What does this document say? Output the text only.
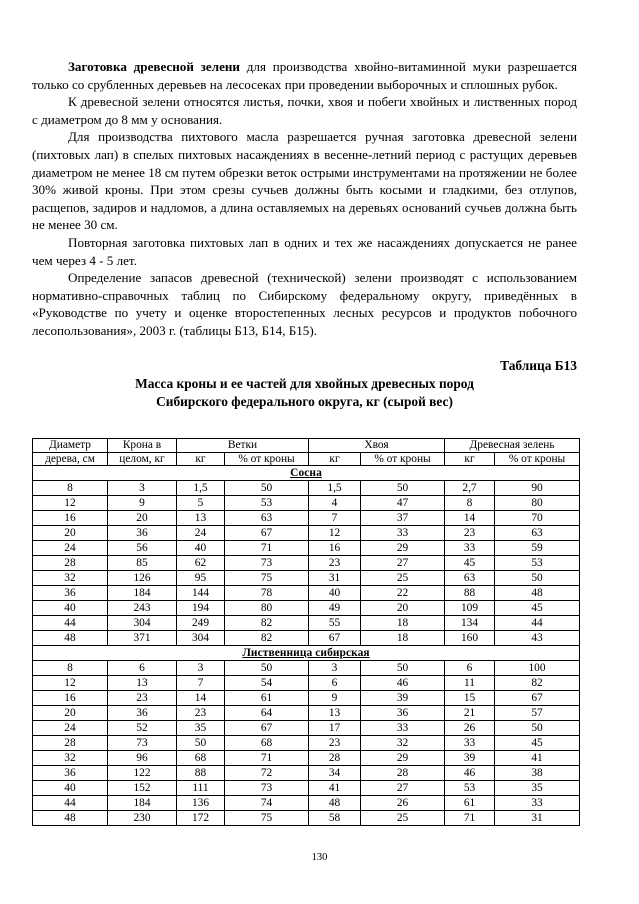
Заготовка древесной зелени для производства хвойно-витаминной муки разрешается только со срубленных деревьев на лесосеках при проведении выборочных и сплошных рубок.

К древесной зелени относятся листья, почки, хвоя и побеги хвойных и лиственных пород с диаметром до 8 мм у основания.

Для производства пихтового масла разрешается ручная заготовка древесной зелени (пихтовых лап) в спелых пихтовых насаждениях в весенне-летний период с растущих деревьев диаметром не менее 18 см путем обрезки веток острыми инструментами на протяжении не более 30% живой кроны. При этом срезы сучьев должны быть косыми и гладкими, без отлупов, расщепов, задиров и надломов, а длина оставляемых на деревьях оснований сучьев должна быть не менее 30 см.

Повторная заготовка пихтовых лап в одних и тех же насаждениях допускается не ранее чем через 4 - 5 лет.

Определение запасов древесной (технической) зелени производят с использованием нормативно-справочных таблиц по Сибирскому федеральному округу, приведённых в «Руководстве по учету и оценке второстепенных лесных ресурсов и продуктов побочного лесопользования», 2003 г. (таблицы Б13, Б14, Б15).

Таблица Б13
Масса кроны и ее частей для хвойных древесных пород
Сибирского федерального округа, кг (сырой вес)
Диаметр	Крона в	Ветки		Хвоя		Древесная зелень	
дерева, см	целом, кг	кг	% от кроны	кг	% от кроны	кг	% от кроны
Сосна							
8	3	1,5	50	1,5	50	2,7	90
12	9	5	53	4	47	8	80
16	20	13	63	7	37	14	70
20	36	24	67	12	33	23	63
24	56	40	71	16	29	33	59
28	85	62	73	23	27	45	53
32	126	95	75	31	25	63	50
36	184	144	78	40	22	88	48
40	243	194	80	49	20	109	45
44	304	249	82	55	18	134	44
48	371	304	82	67	18	160	43
Лиственница сибирская							
8	6	3	50	3	50	6	100
12	13	7	54	6	46	11	82
16	23	14	61	9	39	15	67
20	36	23	64	13	36	21	57
24	52	35	67	17	33	26	50
28	73	50	68	23	32	33	45
32	96	68	71	28	29	39	41
36	122	88	72	34	28	46	38
40	152	111	73	41	27	53	35
44	184	136	74	48	26	61	33
48	230	172	75	58	25	71	31
130
